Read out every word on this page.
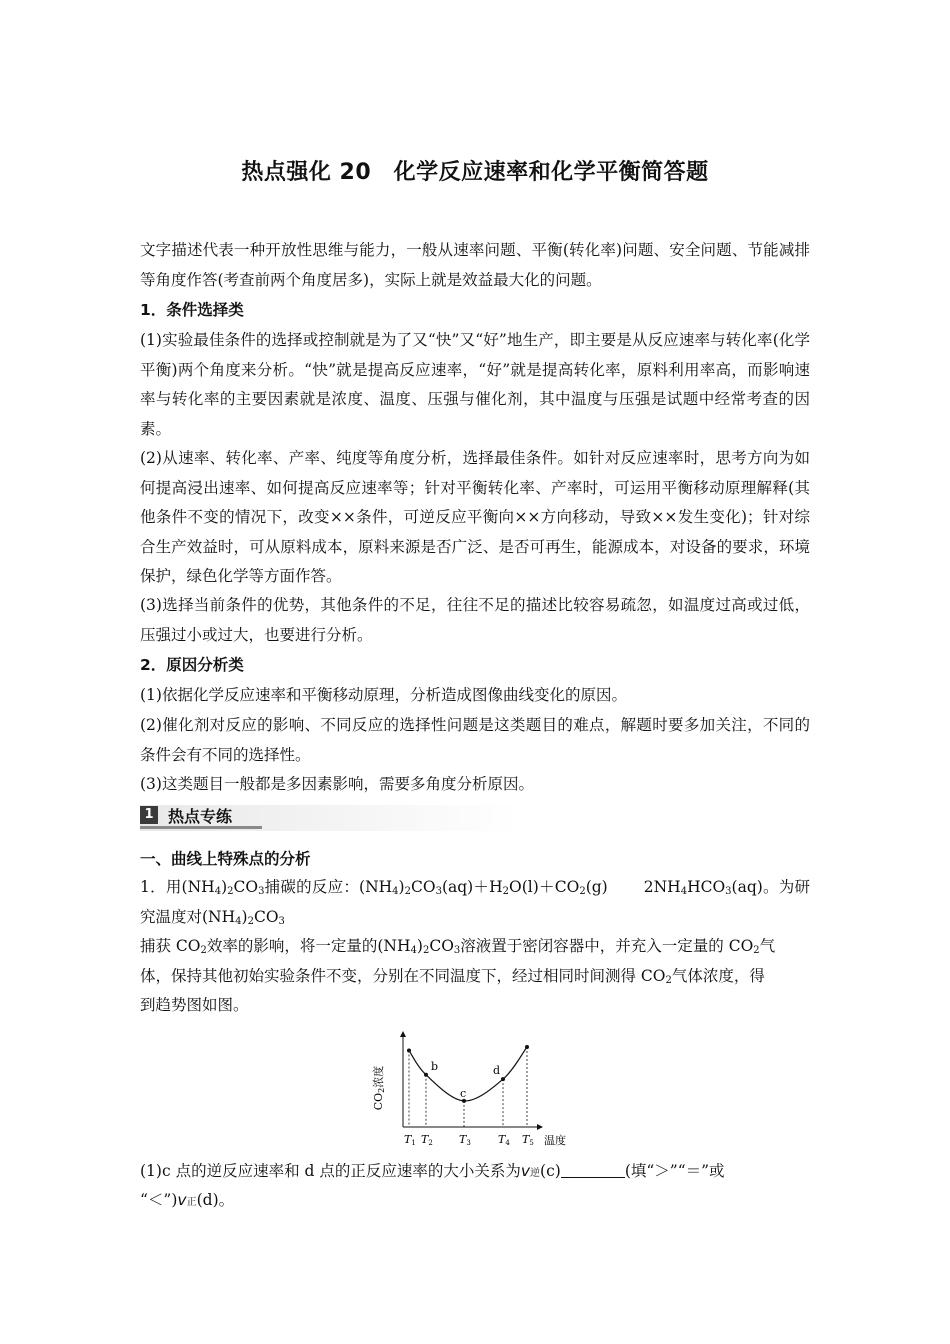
热点强化 20　化学反应速率和化学平衡简答题
文字描述代表一种开放性思维与能力，一般从速率问题、平衡(转化率)问题、安全问题、节能减排等角度作答(考查前两个角度居多)，实际上就是效益最大化的问题。
1．条件选择类
(1)实验最佳条件的选择或控制就是为了又“快”又“好”地生产，即主要是从反应速率与转化率(化学平衡)两个角度来分析。“快”就是提高反应速率，“好”就是提高转化率，原料利用率高，而影响速率与转化率的主要因素就是浓度、温度、压强与催化剂，其中温度与压强是试题中经常考查的因素。
(2)从速率、转化率、产率、纯度等角度分析，选择最佳条件。如针对反应速率时，思考方向为如何提高浸出速率、如何提高反应速率等；针对平衡转化率、产率时，可运用平衡移动原理解释(其他条件不变的情况下，改变××条件，可逆反应平衡向××方向移动，导致××发生变化)；针对综合生产效益时，可从原料成本，原料来源是否广泛、是否可再生，能源成本，对设备的要求，环境保护，绿色化学等方面作答。
(3)选择当前条件的优势，其他条件的不足，往往不足的描述比较容易疏忽，如温度过高或过低，压强过小或过大，也要进行分析。
2．原因分析类
(1)依据化学反应速率和平衡移动原理，分析造成图像曲线变化的原因。
(2)催化剂对反应的影响、不同反应的选择性问题是这类题目的难点，解题时要多加关注，不同的条件会有不同的选择性。
(3)这类题目一般都是多因素影响，需要多角度分析原因。
1 热点专练
一、曲线上特殊点的分析
1．用$(NH_4)_2CO_3$捕碳的反应：$(NH_4)_2CO_3(aq)+H_2O(l)+CO_2(g)$ $2NH_4HCO_3(aq)$。为研究温度对$(NH_4)_2CO_3$
捕获 $CO_2$效率的影响，将一定量的$(NH_4)_2CO_3$溶液置于密闭容器中，并充入一定量的 $CO_2$气
体，保持其他初始实验条件不变，分别在不同温度下，经过相同时间测得 $CO_2$气体浓度，得
到趋势图如图。
CO2浓度
温度
b
c
d
T1 T2 T3 T4 T5
(1)c 点的逆反应速率和 d 点的正反应速率的大小关系为v逆(c)	(填“＞”“＝”或
“＜”)v正(d)。
